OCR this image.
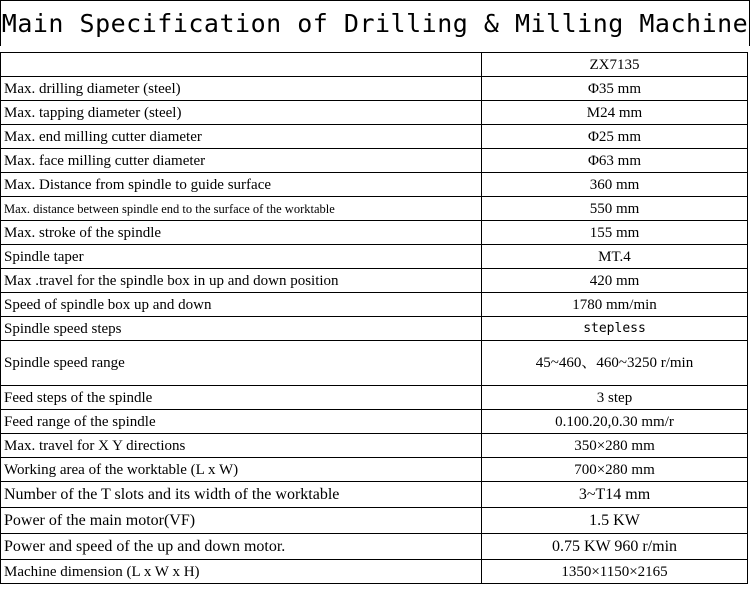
Main Specification of Drilling & Milling Machine
	ZX7135
Max. drilling diameter (steel)	Φ35 mm
Max. tapping diameter (steel)	M24 mm
Max. end milling cutter diameter	Φ25 mm
Max. face milling cutter diameter	Φ63 mm
Max. Distance from spindle to guide surface	360 mm
Max. distance between spindle end to the surface of the worktable	550 mm
Max. stroke of the spindle	155 mm
Spindle taper	MT.4
Max .travel for the spindle box in up and down position	420 mm
Speed of spindle box up and down	1780 mm/min
Spindle speed steps	stepless
Spindle speed range	45~460、460~3250 r/min
Feed steps of the spindle	3 step
Feed range of the spindle	0.100.20,0.30 mm/r
Max. travel for X Y directions	350×280 mm
Working area of the worktable (L x W)	700×280 mm
Number of the T slots and its width of the worktable	3~T14 mm
Power of the main motor(VF)	1.5 KW
Power and speed of the up and down motor.	0.75 KW 960 r/min
Machine dimension (L x W x H)	1350×1150×2165
